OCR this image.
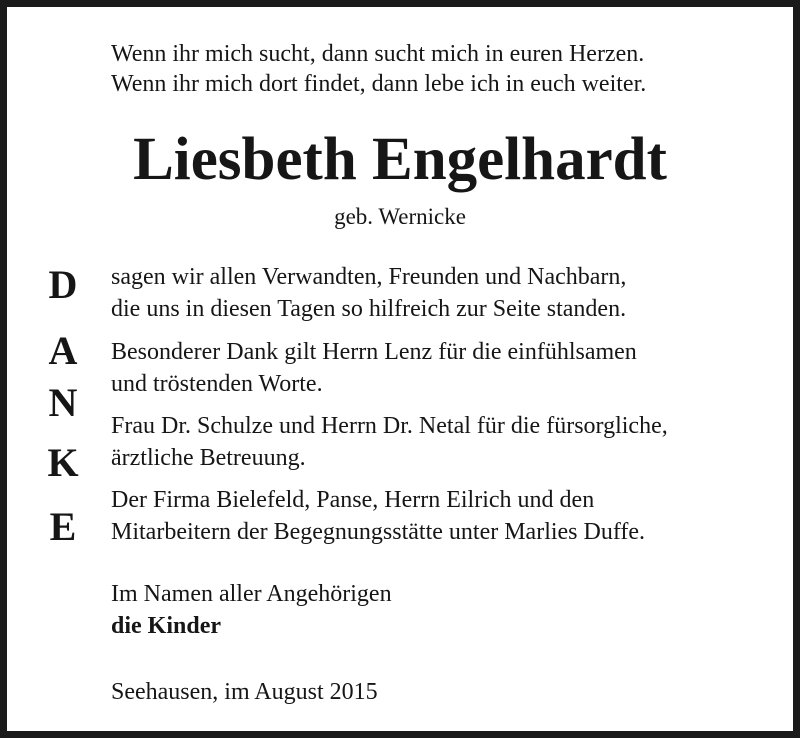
Wenn ihr mich sucht, dann sucht mich in euren Herzen.
Wenn ihr mich dort findet, dann lebe ich in euch weiter.
Liesbeth Engelhardt
geb. Wernicke
D
A
N
K
E
sagen wir allen Verwandten, Freunden und Nachbarn,
die uns in diesen Tagen so hilfreich zur Seite standen.
Besonderer Dank gilt Herrn Lenz für die einfühlsamen
und tröstenden Worte.
Frau Dr. Schulze und Herrn Dr. Netal für die fürsorgliche,
ärztliche Betreuung.
Der Firma Bielefeld, Panse, Herrn Eilrich und den
Mitarbeitern der Begegnungsstätte unter Marlies Duffe.
Im Namen aller Angehörigen
die Kinder
Seehausen, im August 2015
